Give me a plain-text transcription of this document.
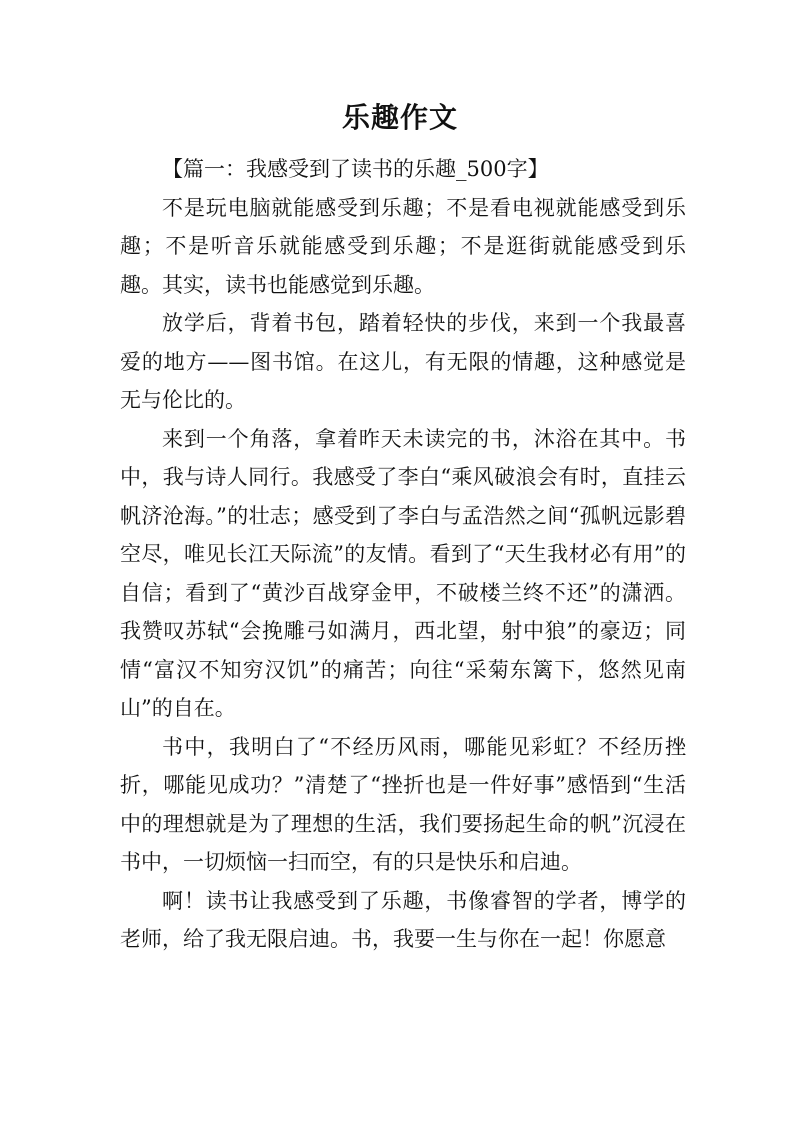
乐趣作文

【篇一：我感受到了读书的乐趣_500字】

不是玩电脑就能感受到乐趣；不是看电视就能感受到乐趣；不是听音乐就能感受到乐趣；不是逛街就能感受到乐趣。其实，读书也能感觉到乐趣。

放学后，背着书包，踏着轻快的步伐，来到一个我最喜爱的地方——图书馆。在这儿，有无限的情趣，这种感觉是无与伦比的。

来到一个角落，拿着昨天未读完的书，沐浴在其中。书中，我与诗人同行。我感受了李白“乘风破浪会有时，直挂云帆济沧海。”的壮志；感受到了李白与孟浩然之间“孤帆远影碧空尽，唯见长江天际流”的友情。看到了“天生我材必有用”的自信；看到了“黄沙百战穿金甲，不破楼兰终不还”的潇洒。我赞叹苏轼“会挽雕弓如满月，西北望，射中狼”的豪迈；同情“富汉不知穷汉饥”的痛苦；向往“采菊东篱下，悠然见南山”的自在。

书中，我明白了“不经历风雨，哪能见彩虹？不经历挫折，哪能见成功？”清楚了“挫折也是一件好事”感悟到“生活中的理想就是为了理想的生活，我们要扬起生命的帆”沉浸在书中，一切烦恼一扫而空，有的只是快乐和启迪。

啊！读书让我感受到了乐趣，书像睿智的学者，博学的老师，给了我无限启迪。书，我要一生与你在一起！你愿意
